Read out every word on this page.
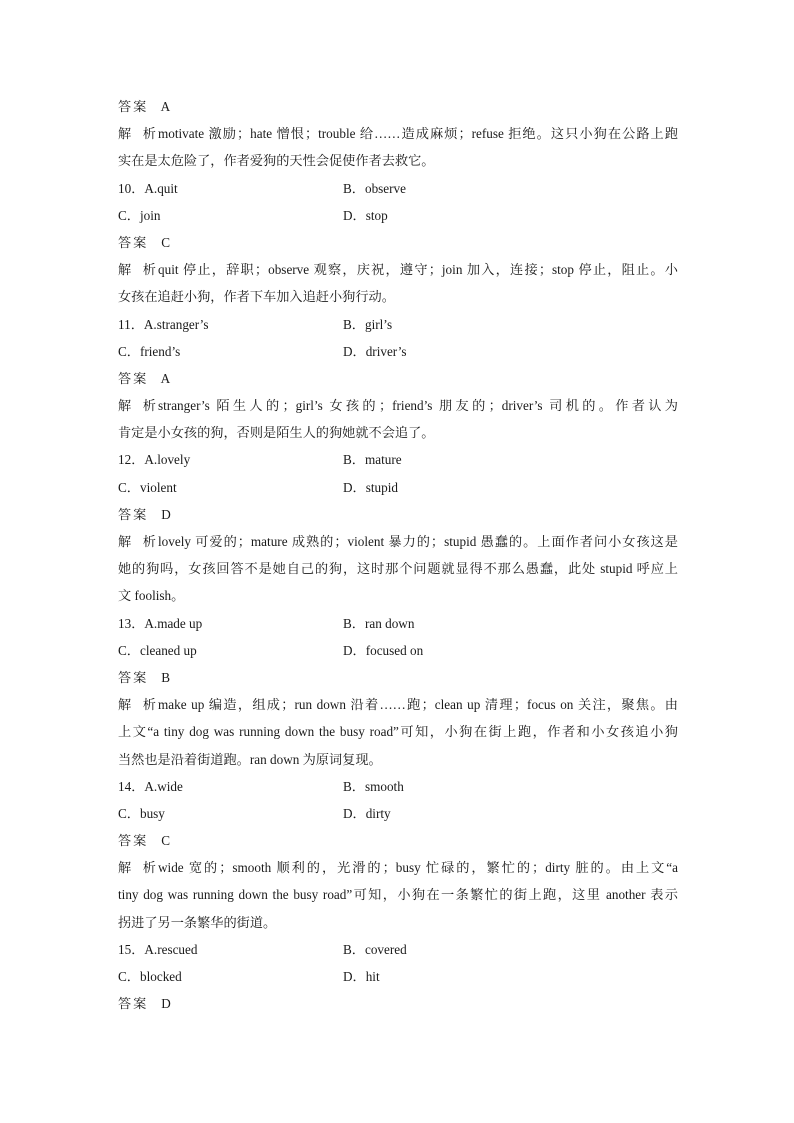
答案 A
解析motivate 激励；hate 憎恨；trouble 给……造成麻烦；refuse 拒绝。这只小狗在公路上跑
实在是太危险了，作者爱狗的天性会促使作者去救它。
10．A.quit	B．observe
C．join	D．stop
答案 C
解析quit 停止，辞职；observe 观察，庆祝，遵守；join 加入，连接；stop 停止，阻止。小
女孩在追赶小狗，作者下车加入追赶小狗行动。
11．A.stranger’s	B．girl’s
C．friend’s	D．driver’s
答案 A
解析stranger’s 陌生人的；girl’s 女孩的；friend’s 朋友的；driver’s 司机的。作者认为
肯定是小女孩的狗，否则是陌生人的狗她就不会追了。
12．A.lovely	B．mature
C．violent	D．stupid
答案 D
解析lovely 可爱的；mature 成熟的；violent 暴力的；stupid 愚蠢的。上面作者问小女孩这是
她的狗吗，女孩回答不是她自己的狗，这时那个问题就显得不那么愚蠢，此处 stupid 呼应上
文 foolish。
13．A.made up	B．ran down
C．cleaned up	D．focused on
答案 B
解析make up 编造，组成；run down 沿着……跑；clean up 清理；focus on 关注，聚焦。由
上文“a tiny dog was running down the busy road”可知，小狗在街上跑，作者和小女孩追小狗
当然也是沿着街道跑。ran down 为原词复现。
14．A.wide	B．smooth
C．busy	D．dirty
答案 C
解析wide 宽的；smooth 顺利的，光滑的；busy 忙碌的，繁忙的；dirty 脏的。由上文“a
tiny dog was running down the busy road”可知，小狗在一条繁忙的街上跑，这里 another 表示
拐进了另一条繁华的街道。
15．A.rescued	B．covered
C．blocked	D．hit
答案 D
